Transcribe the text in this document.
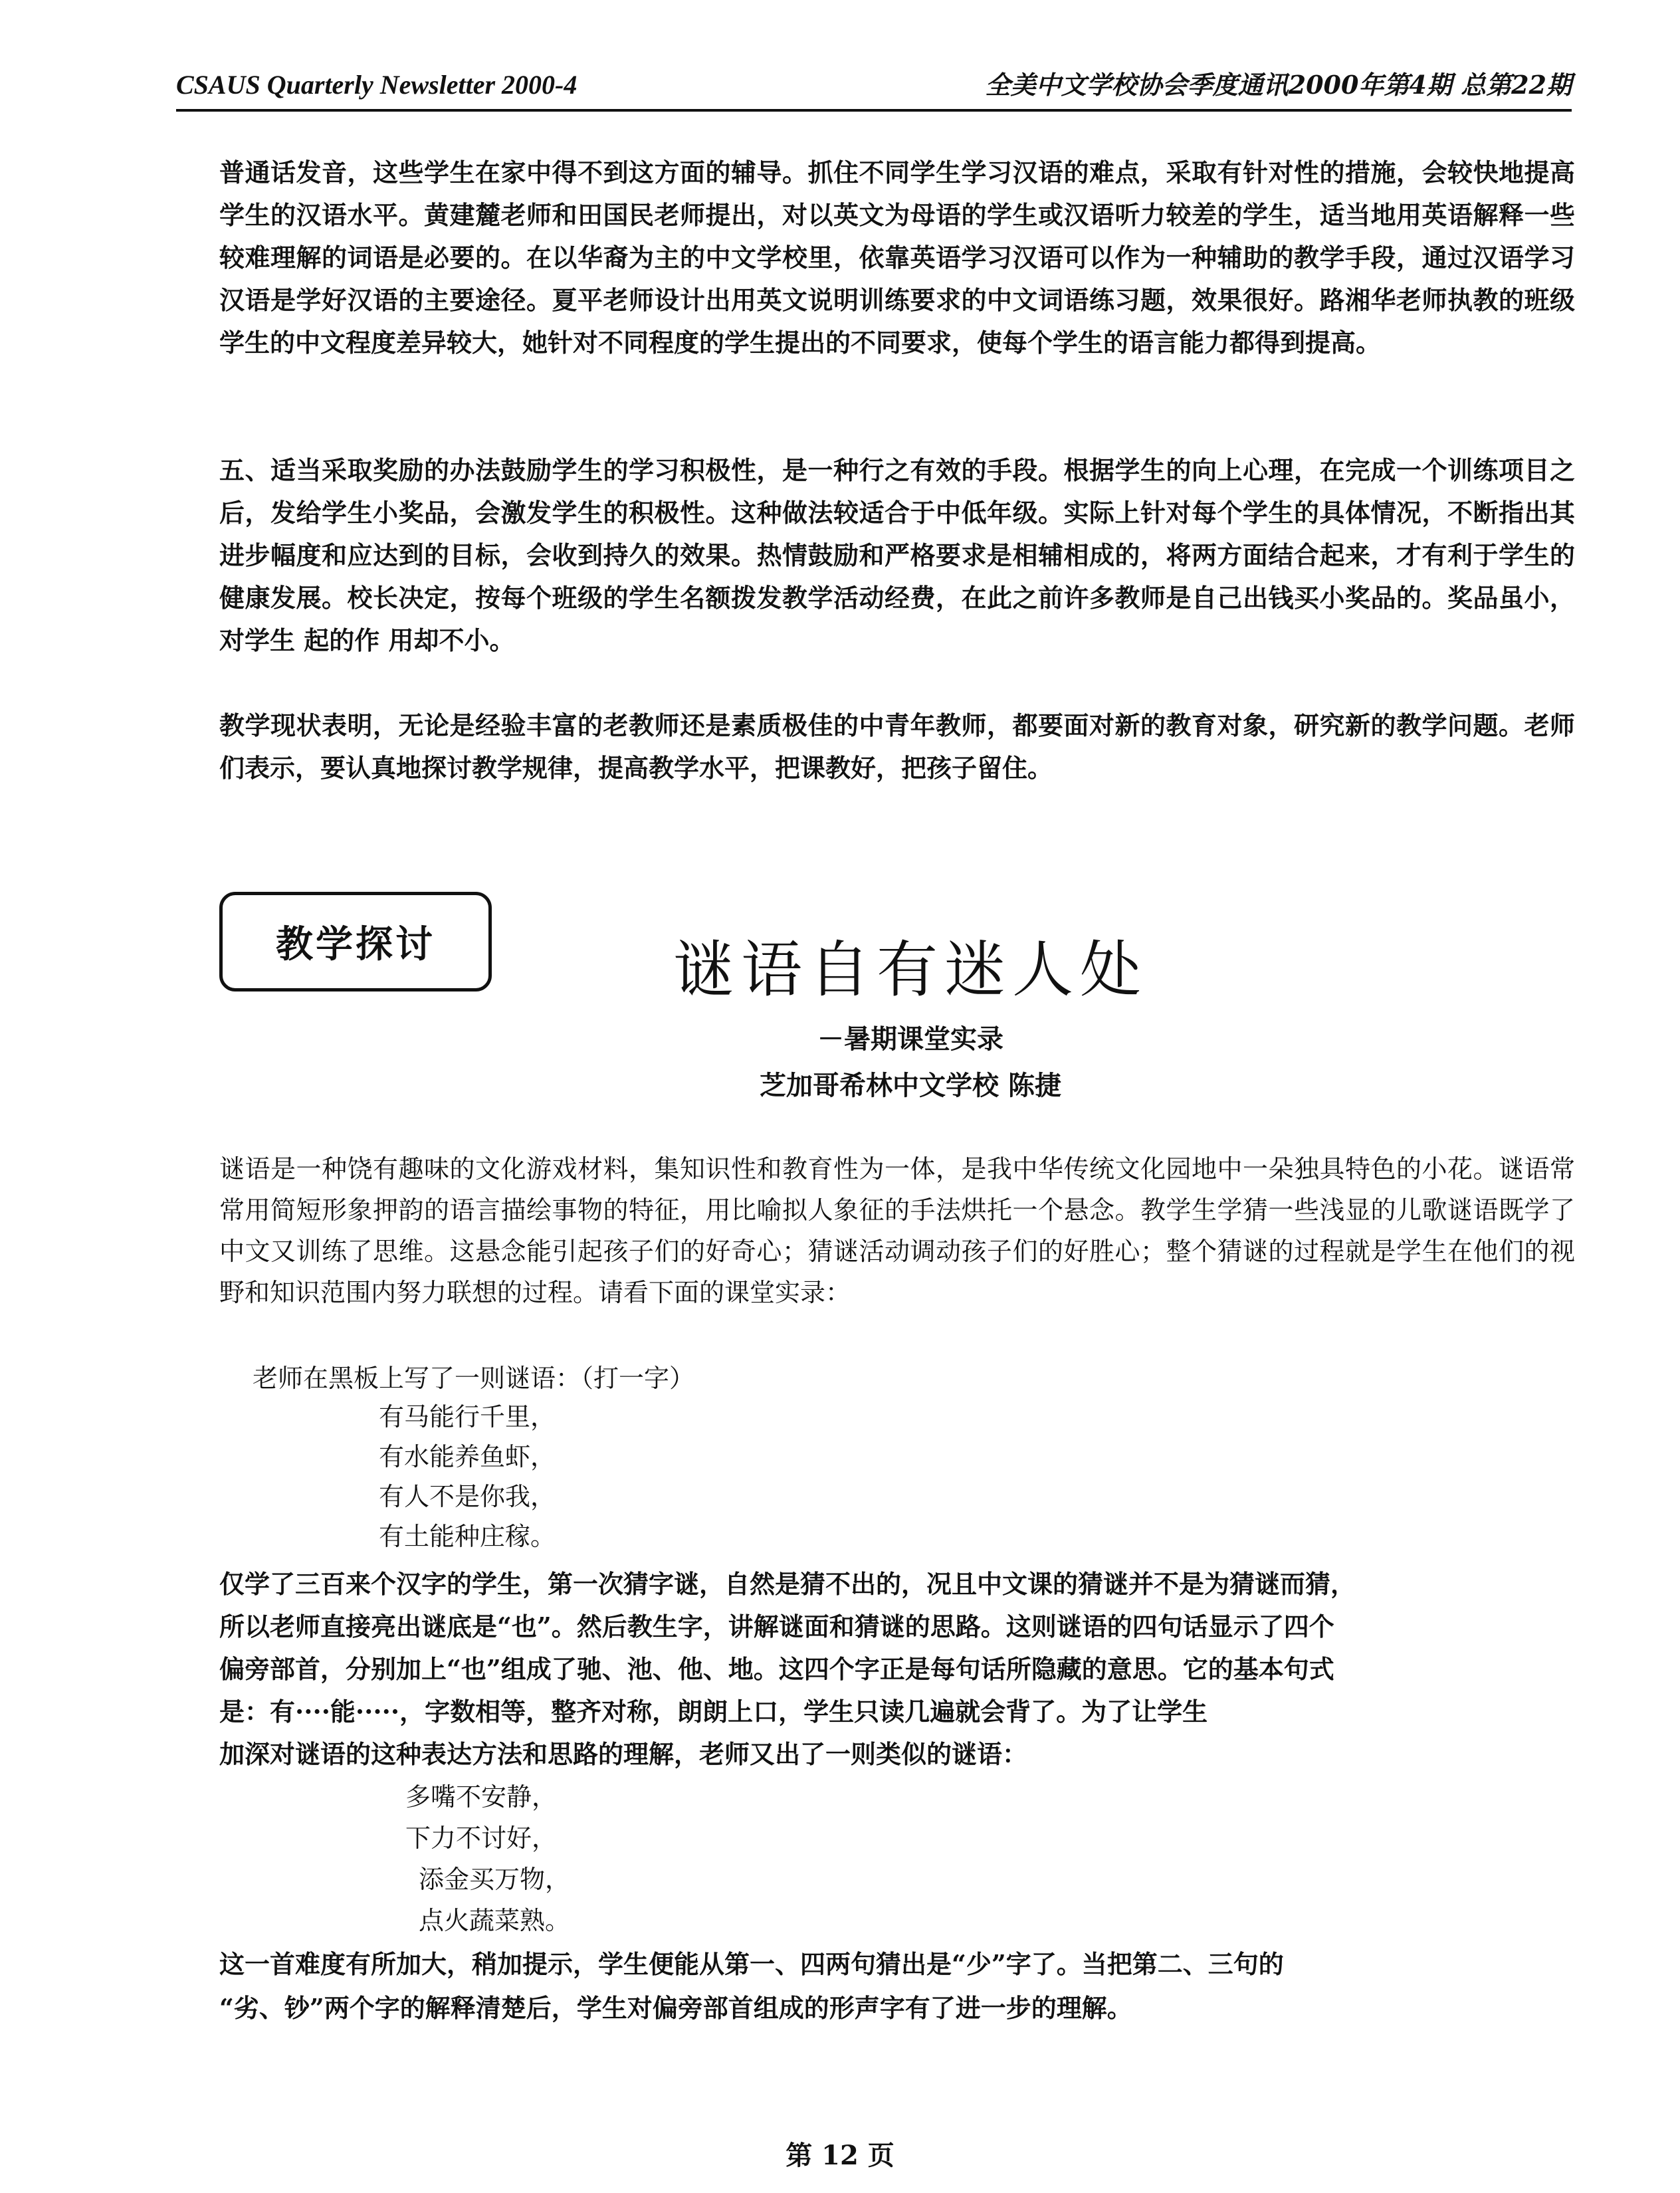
CSAUS Quarterly Newsletter 2000-4	全美中文学校协会季度通讯2000年第4期 总第22期

普通话发音，这些学生在家中得不到这方面的辅导。抓住不同学生学习汉语的难点，采取有针对性的措施，会较快地提高学生的汉语水平。黄建麓老师和田国民老师提出，对以英文为母语的学生或汉语听力较差的学生，适当地用英语解释一些较难理解的词语是必要的。在以华裔为主的中文学校里，依靠英语学习汉语可以作为一种辅助的教学手段，通过汉语学习汉语是学好汉语的主要途径。夏平老师设计出用英文说明训练要求的中文词语练习题，效果很好。路湘华老师执教的班级学生的中文程度差异较大，她针对不同程度的学生提出的不同要求，使每个学生的语言能力都得到提高。

五、适当采取奖励的办法鼓励学生的学习积极性，是一种行之有效的手段。根据学生的向上心理，在完成一个训练项目之后，发给学生小奖品，会激发学生的积极性。这种做法较适合于中低年级。实际上针对每个学生的具体情况，不断指出其进步幅度和应达到的目标，会收到持久的效果。热情鼓励和严格要求是相辅相成的，将两方面结合起来，才有利于学生的健康发展。校长决定，按每个班级的学生名额拨发教学活动经费，在此之前许多教师是自己出钱买小奖品的。奖品虽小，对学生 起的作 用却不小。

教学现状表明，无论是经验丰富的老教师还是素质极佳的中青年教师，都要面对新的教育对象，研究新的教学问题。老师们表示，要认真地探讨教学规律，提高教学水平，把课教好，把孩子留住。

教学探讨	谜语自有迷人处
－暑期课堂实录
芝加哥希林中文学校 陈捷

谜语是一种饶有趣味的文化游戏材料，集知识性和教育性为一体，是我中华传统文化园地中一朵独具特色的小花。谜语常常用简短形象押韵的语言描绘事物的特征，用比喻拟人象征的手法烘托一个悬念。教学生学猜一些浅显的儿歌谜语既学了中文又训练了思维。这悬念能引起孩子们的好奇心；猜谜活动调动孩子们的好胜心；整个猜谜的过程就是学生在他们的视野和知识范围内努力联想的过程。请看下面的课堂实录：

老师在黑板上写了一则谜语：（打一字）
有马能行千里，
有水能养鱼虾，
有人不是你我，
有土能种庄稼。
仅学了三百来个汉字的学生，第一次猜字谜，自然是猜不出的，况且中文课的猜谜并不是为猜谜而猜，
所以老师直接亮出谜底是“也”。然后教生字，讲解谜面和猜谜的思路。这则谜语的四句话显示了四个
偏旁部首，分别加上“也”组成了驰、池、他、地。这四个字正是每句话所隐藏的意思。它的基本句式
是：有····能·····，字数相等，整齐对称，朗朗上口，学生只读几遍就会背了。为了让学生
加深对谜语的这种表达方法和思路的理解，老师又出了一则类似的谜语：
多嘴不安静，
下力不讨好，
添金买万物，
点火蔬菜熟。
这一首难度有所加大，稍加提示，学生便能从第一、四两句猜出是“少”字了。当把第二、三句的
“劣、钞”两个字的解释清楚后，学生对偏旁部首组成的形声字有了进一步的理解。
第 12 页
